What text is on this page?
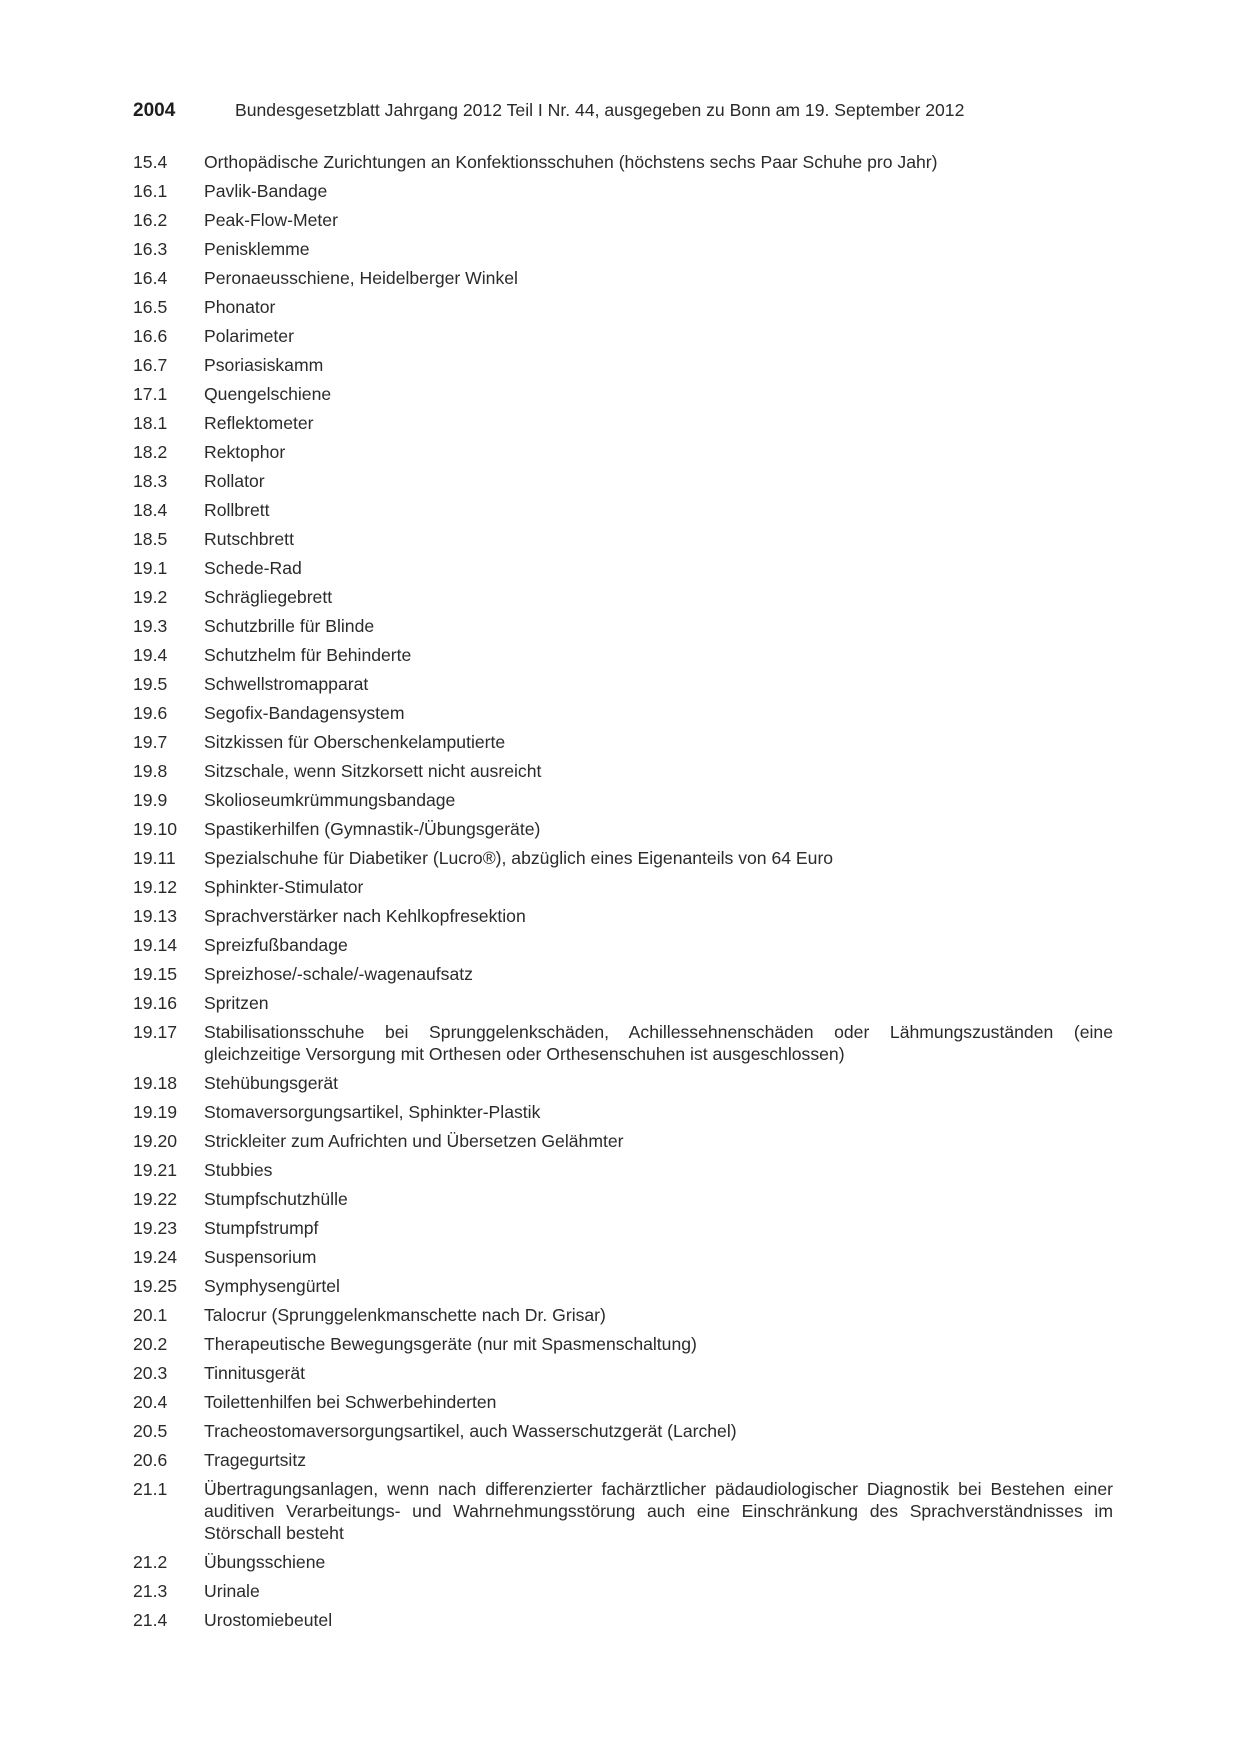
2004	Bundesgesetzblatt Jahrgang 2012 Teil I Nr. 44, ausgegeben zu Bonn am 19. September 2012
15.4	Orthopädische Zurichtungen an Konfektionsschuhen (höchstens sechs Paar Schuhe pro Jahr)
16.1	Pavlik-Bandage
16.2	Peak-Flow-Meter
16.3	Penisklemme
16.4	Peronaeusschiene, Heidelberger Winkel
16.5	Phonator
16.6	Polarimeter
16.7	Psoriasiskamm
17.1	Quengelschiene
18.1	Reflektometer
18.2	Rektophor
18.3	Rollator
18.4	Rollbrett
18.5	Rutschbrett
19.1	Schede-Rad
19.2	Schrägliegebrett
19.3	Schutzbrille für Blinde
19.4	Schutzhelm für Behinderte
19.5	Schwellstromapparat
19.6	Segofix-Bandagensystem
19.7	Sitzkissen für Oberschenkelamputierte
19.8	Sitzschale, wenn Sitzkorsett nicht ausreicht
19.9	Skolioseumkrümmungsbandage
19.10	Spastikerhilfen (Gymnastik-/Übungsgeräte)
19.11	Spezialschuhe für Diabetiker (Lucro®), abzüglich eines Eigenanteils von 64 Euro
19.12	Sphinkter-Stimulator
19.13	Sprachverstärker nach Kehlkopfresektion
19.14	Spreizfußbandage
19.15	Spreizhose/-schale/-wagenaufsatz
19.16	Spritzen
19.17	Stabilisationsschuhe bei Sprunggelenkschäden, Achillessehnenschäden oder Lähmungszuständen (eine gleichzeitige Versorgung mit Orthesen oder Orthesenschuhen ist ausgeschlossen)
19.18	Stehübungsgerät
19.19	Stomaversorgungsartikel, Sphinkter-Plastik
19.20	Strickleiter zum Aufrichten und Übersetzen Gelähmter
19.21	Stubbies
19.22	Stumpfschutzhülle
19.23	Stumpfstrumpf
19.24	Suspensorium
19.25	Symphysengürtel
20.1	Talocrur (Sprunggelenkmanschette nach Dr. Grisar)
20.2	Therapeutische Bewegungsgeräte (nur mit Spasmenschaltung)
20.3	Tinnitusgerät
20.4	Toilettenhilfen bei Schwerbehinderten
20.5	Tracheostomaversorgungsartikel, auch Wasserschutzgerät (Larchel)
20.6	Tragegurtsitz
21.1	Übertragungsanlagen, wenn nach differenzierter fachärztlicher pädaudiologischer Diagnostik bei Bestehen einer auditiven Verarbeitungs- und Wahrnehmungsstörung auch eine Einschränkung des Sprachverständnisses im Störschall besteht
21.2	Übungsschiene
21.3	Urinale
21.4	Urostomiebeutel
